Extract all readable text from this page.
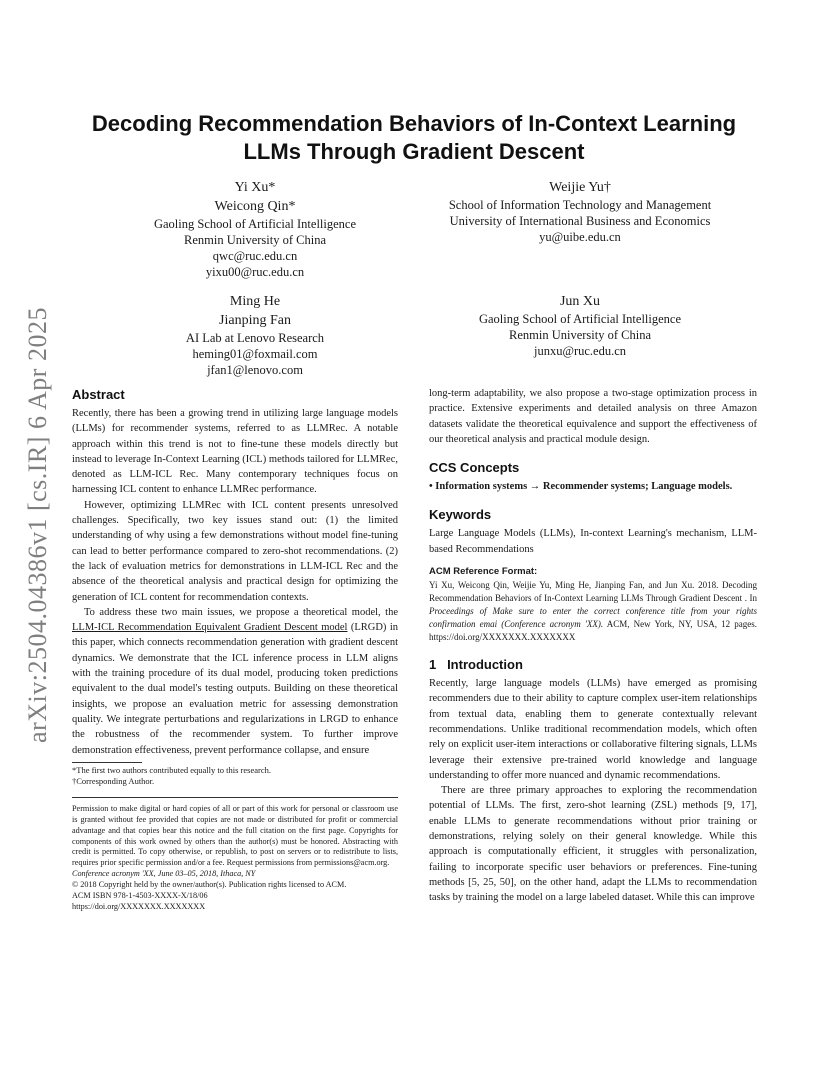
arXiv:2504.04386v1 [cs.IR] 6 Apr 2025
Decoding Recommendation Behaviors of In-Context Learning
LLMs Through Gradient Descent
Yi Xu*
Weicong Qin*
Gaoling School of Artificial Intelligence
Renmin University of China
qwc@ruc.edu.cn
yixu00@ruc.edu.cn
Weijie Yu†
School of Information Technology and Management
University of International Business and Economics
yu@uibe.edu.cn
Ming He
Jianping Fan
AI Lab at Lenovo Research
heming01@foxmail.com
jfan1@lenovo.com
Jun Xu
Gaoling School of Artificial Intelligence
Renmin University of China
junxu@ruc.edu.cn
Abstract

Recently, there has been a growing trend in utilizing large language models (LLMs) for recommender systems, referred to as LLMRec. A notable approach within this trend is not to fine-tune these models directly but instead to leverage In-Context Learning (ICL) methods tailored for LLMRec, denoted as LLM-ICL Rec. Many contemporary techniques focus on harnessing ICL content to enhance LLMRec performance.

However, optimizing LLMRec with ICL content presents unresolved challenges. Specifically, two key issues stand out: (1) the limited understanding of why using a few demonstrations without model fine-tuning can lead to better performance compared to zero-shot recommendations. (2) the lack of evaluation metrics for demonstrations in LLM-ICL Rec and the absence of the theoretical analysis and practical design for optimizing the generation of ICL content for recommendation contexts.

To address these two main issues, we propose a theoretical model, the LLM-ICL Recommendation Equivalent Gradient Descent model (LRGD) in this paper, which connects recommendation generation with gradient descent dynamics. We demonstrate that the ICL inference process in LLM aligns with the training procedure of its dual model, producing token predictions equivalent to the dual model's testing outputs. Building on these theoretical insights, we propose an evaluation metric for assessing demonstration quality. We integrate perturbations and regularizations in LRGD to enhance the robustness of the recommender system. To further improve demonstration effectiveness, prevent performance collapse, and ensure

*The first two authors contributed equally to this research.
†Corresponding Author.
Permission to make digital or hard copies of all or part of this work for personal or classroom use is granted without fee provided that copies are not made or distributed for profit or commercial advantage and that copies bear this notice and the full citation on the first page. Copyrights for components of this work owned by others than the author(s) must be honored. Abstracting with credit is permitted. To copy otherwise, or republish, to post on servers or to redistribute to lists, requires prior specific permission and/or a fee. Request permissions from permissions@acm.org.
Conference acronym 'XX, June 03–05, 2018, Ithaca, NY
© 2018 Copyright held by the owner/author(s). Publication rights licensed to ACM.
ACM ISBN 978-1-4503-XXXX-X/18/06
https://doi.org/XXXXXXX.XXXXXXX

long-term adaptability, we also propose a two-stage optimization process in practice. Extensive experiments and detailed analysis on three Amazon datasets validate the theoretical equivalence and support the effectiveness of our theoretical analysis and practical module design.

CCS Concepts

• Information systems → Recommender systems; Language models.

Keywords

Large Language Models (LLMs), In-context Learning's mechanism, LLM-based Recommendations

ACM Reference Format:

Yi Xu, Weicong Qin, Weijie Yu, Ming He, Jianping Fan, and Jun Xu. 2018. Decoding Recommendation Behaviors of In-Context Learning LLMs Through Gradient Descent . In Proceedings of Make sure to enter the correct conference title from your rights confirmation emai (Conference acronym 'XX). ACM, New York, NY, USA, 12 pages. https://doi.org/XXXXXXX.XXXXXXX

1   Introduction

Recently, large language models (LLMs) have emerged as promising recommenders due to their ability to capture complex user-item relationships from textual data, enabling them to generate contextually relevant recommendations. Unlike traditional recommendation models, which often rely on explicit user-item interactions or collaborative filtering signals, LLMs leverage their extensive pre-trained world knowledge and language understanding to offer more nuanced and dynamic recommendations.

There are three primary approaches to exploring the recommendation potential of LLMs. The first, zero-shot learning (ZSL) methods [9, 17], enable LLMs to generate recommendations without prior training or demonstrations, relying solely on their general knowledge. While this approach is computationally efficient, it struggles with personalization, failing to incorporate specific user behaviors or preferences. Fine-tuning methods [5, 25, 50], on the other hand, adapt the LLMs to recommendation tasks by training the model on a large labeled dataset. While this can improve
